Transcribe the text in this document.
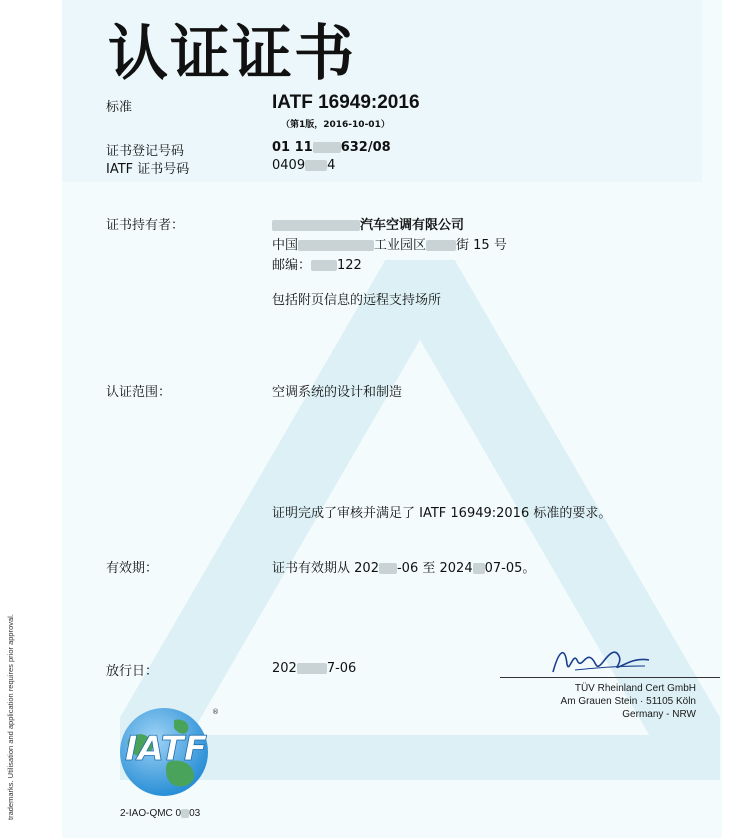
认证证书
标准	IATF 16949:2016
（第1版，2016-10-01）
证书登记号码	01 11 632/08
IATF 证书号码	0409 4
证书持有者：	汽车空调有限公司
中国	工业园区 街 15 号
邮编： 122
包括附页信息的远程支持场所
认证范围：	空调系统的设计和制造
证明完成了审核并满足了 IATF 16949:2016 标准的要求。
有效期：	证书有效期从 202 -06 至 2024 07-05。
放行日：	202 7-06
TÜV Rheinland Cert GmbH
Am Grauen Stein · 51105 Köln
Germany - NRW
IATF
®
2-IAO-QMC 0 03
trademarks. Utilisation and application requires prior approval.
